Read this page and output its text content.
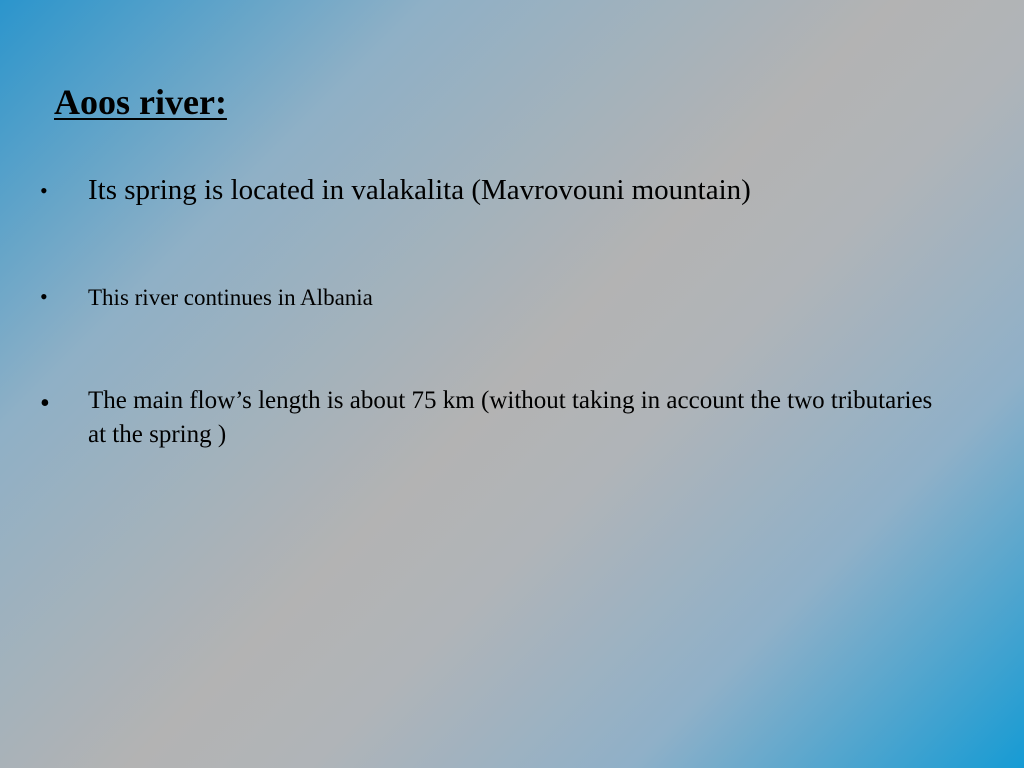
Aoos river:
• Its spring is located in valakalita (Mavrovouni mountain)
• This river continues in Albania
• The main flow’s length is about 75 km (without taking in account the two tributaries at the spring )
